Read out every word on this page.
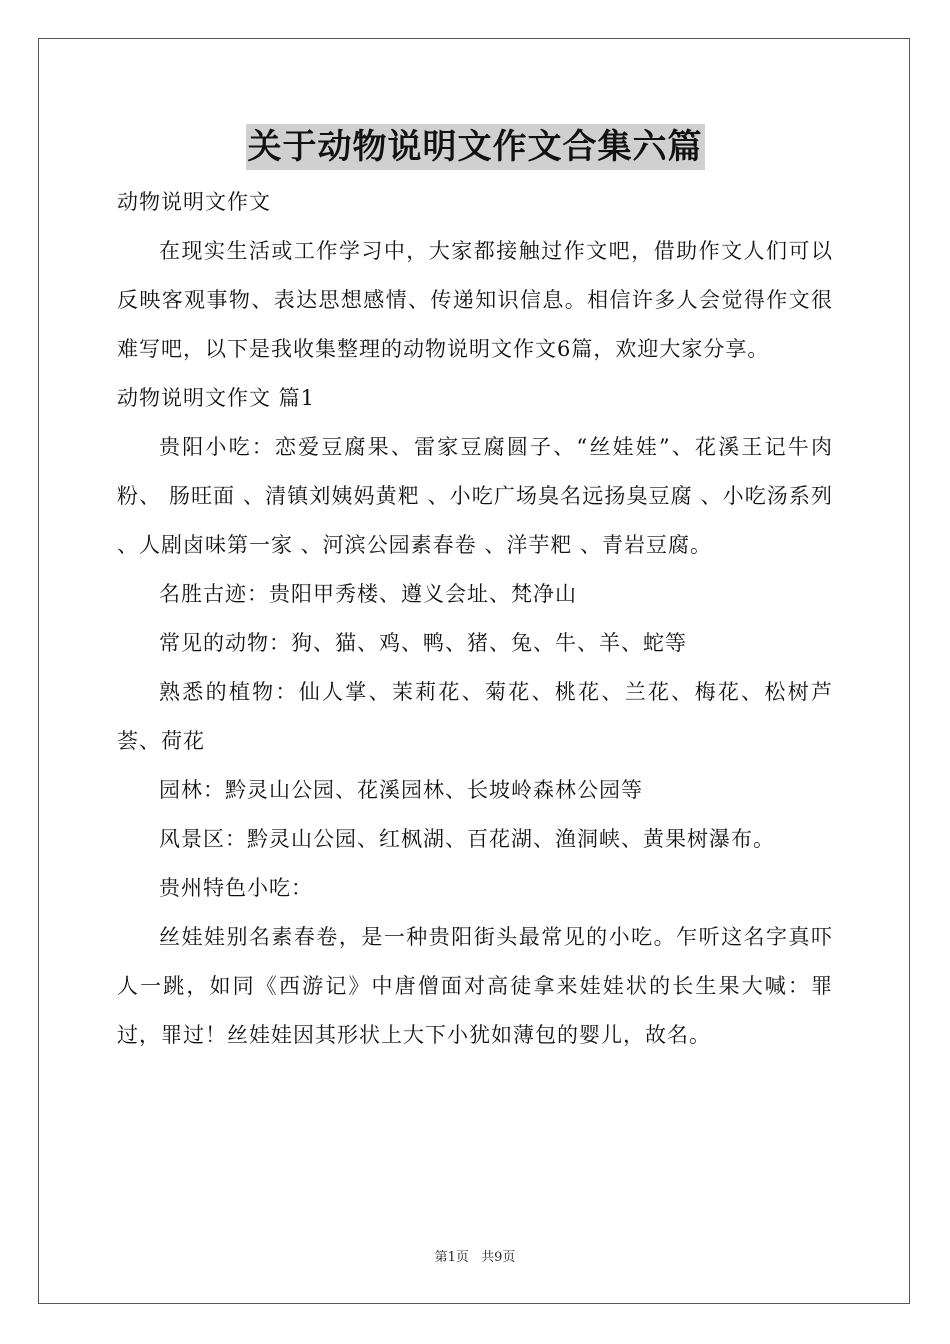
关于动物说明文作文合集六篇

动物说明文作文

在现实生活或工作学习中，大家都接触过作文吧，借助作文人们可以反映客观事物、表达思想感情、传递知识信息。相信许多人会觉得作文很难写吧，以下是我收集整理的动物说明文作文6篇，欢迎大家分享。

动物说明文作文 篇1

贵阳小吃：恋爱豆腐果、雷家豆腐圆子、“丝娃娃”、花溪王记牛肉粉、 肠旺面 、清镇刘姨妈黄粑 、小吃广场臭名远扬臭豆腐 、小吃汤系列 、人剧卤味第一家 、河滨公园素春卷 、洋芋粑 、青岩豆腐。

名胜古迹：贵阳甲秀楼、遵义会址、梵净山

常见的动物：狗、猫、鸡、鸭、猪、兔、牛、羊、蛇等

熟悉的植物：仙人掌、茉莉花、菊花、桃花、兰花、梅花、松树芦荟、荷花

园林：黔灵山公园、花溪园林、长坡岭森林公园等

风景区：黔灵山公园、红枫湖、百花湖、渔洞峡、黄果树瀑布。

贵州特色小吃：

丝娃娃别名素春卷，是一种贵阳街头最常见的小吃。乍听这名字真吓人一跳，如同《西游记》中唐僧面对高徒拿来娃娃状的长生果大喊：罪过，罪过！丝娃娃因其形状上大下小犹如薄包的婴儿，故名。

第1页 共9页
